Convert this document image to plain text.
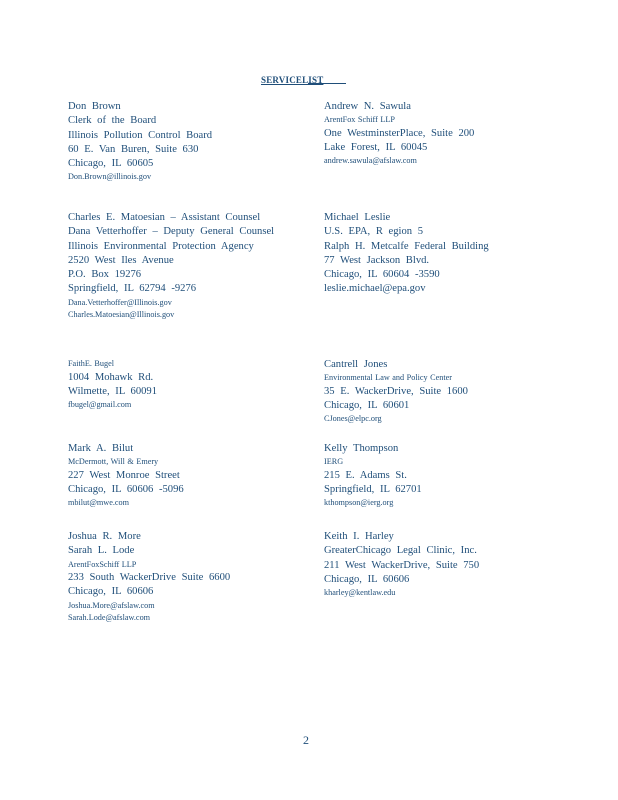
SERVICELIST
Don Brown
Clerk of the Board
Illinois Pollution Control Board
60 E. Van Buren, Suite 630
Chicago, IL 60605
Don.Brown@illinois.gov
Andrew N. Sawula
ArentFox Schiff LLP
One WestminsterPlace, Suite 200
Lake Forest, IL 60045
andrew.sawula@afslaw.com
Charles E. Matoesian – Assistant Counsel
Dana Vetterhoffer – Deputy General Counsel
Illinois Environmental Protection Agency
2520 West Iles Avenue
P.O. Box 19276
Springfield, IL 62794 -9276
Dana.Vetterhoffer@Illinois.gov
Charles.Matoesian@Illinois.gov
Michael Leslie
U.S. EPA, R egion 5
Ralph H. Metcalfe Federal Building
77 West Jackson Blvd.
Chicago, IL 60604 -3590
leslie.michael@epa.gov
FaithE. Bugel
1004 Mohawk Rd.
Wilmette, IL 60091
fbugel@gmail.com
Cantrell Jones
Environmental Law and Policy Center
35 E. WackerDrive, Suite 1600
Chicago, IL 60601
CJones@elpc.org
Mark A. Bilut
McDermott, Will & Emery
227 West Monroe Street
Chicago, IL 60606 -5096
mbilut@mwe.com
Kelly Thompson
IERG
215 E. Adams St.
Springfield, IL 62701
kthompson@ierg.org
Joshua R. More
Sarah L. Lode
ArentFoxSchiff LLP
233 South WackerDrive Suite 6600
Chicago, IL 60606
Joshua.More@afslaw.com
Sarah.Lode@afslaw.com
Keith I. Harley
GreaterChicago Legal Clinic, Inc.
211 West WackerDrive, Suite 750
Chicago, IL 60606
kharley@kentlaw.edu
2
